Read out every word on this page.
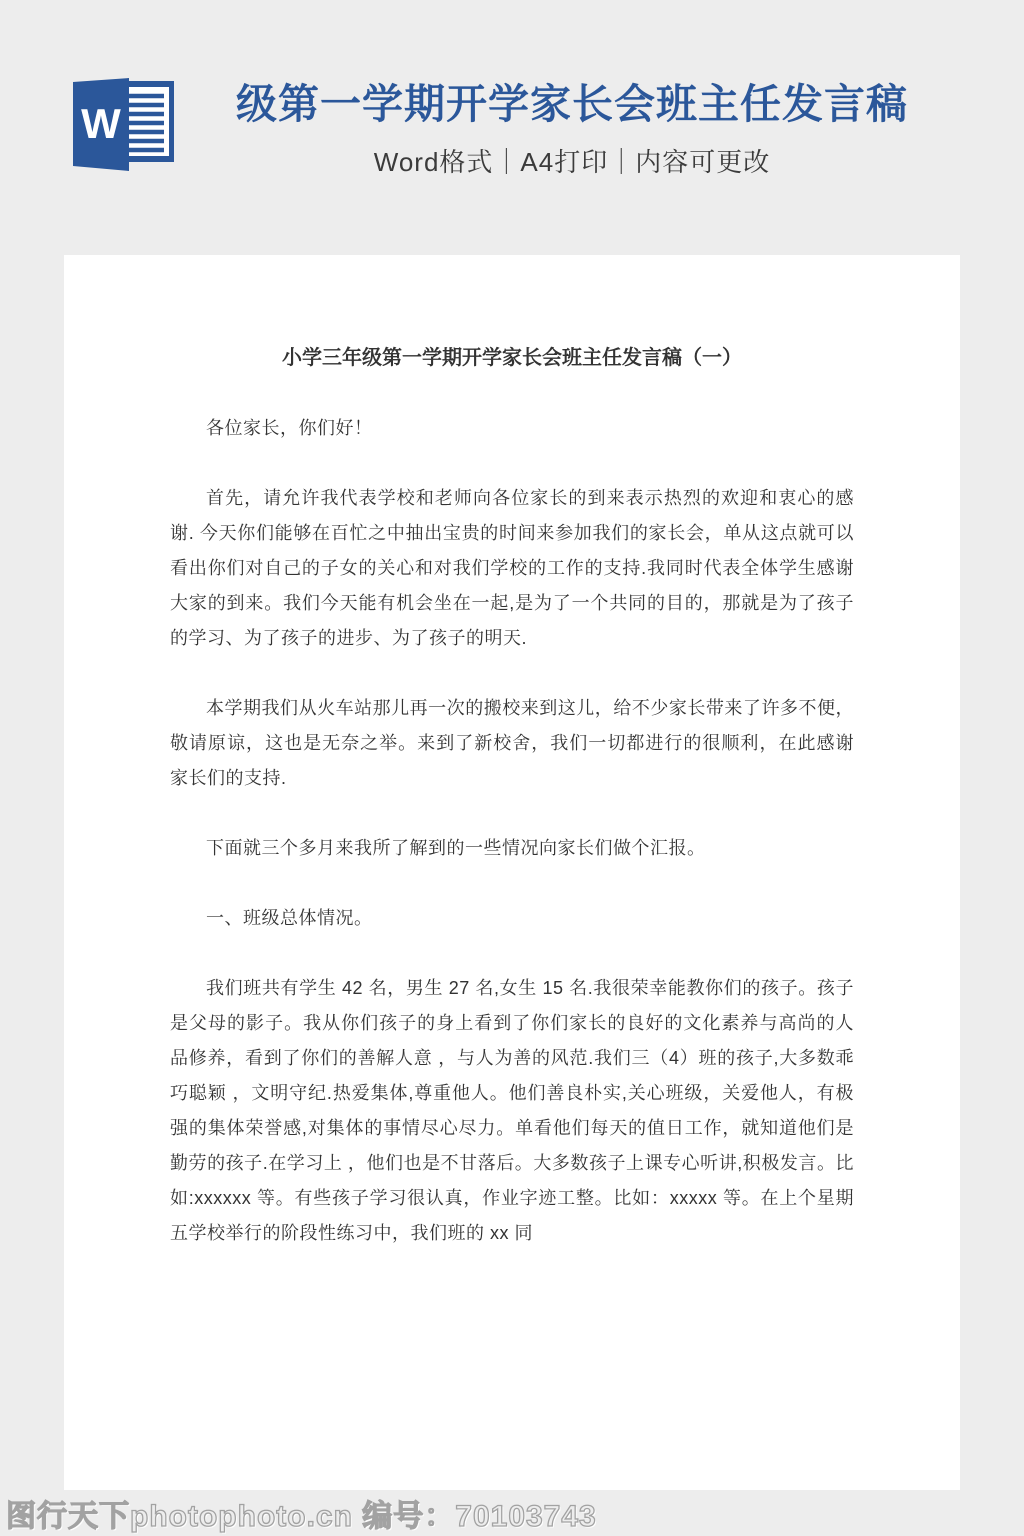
W	级第一学期开学家长会班主任发言稿
Word格式｜A4打印｜内容可更改
小学三年级第一学期开学家长会班主任发言稿（一）

各位家长，你们好！

首先，请允许我代表学校和老师向各位家长的到来表示热烈的欢迎和衷心的感谢. 今天你们能够在百忙之中抽出宝贵的时间来参加我们的家长会，单从这点就可以看出你们对自己的子女的关心和对我们学校的工作的支持.我同时代表全体学生感谢大家的到来。我们今天能有机会坐在一起,是为了一个共同的目的，那就是为了孩子的学习、为了孩子的进步、为了孩子的明天.

本学期我们从火车站那儿再一次的搬校来到这儿，给不少家长带来了许多不便，敬请原谅，这也是无奈之举。来到了新校舍，我们一切都进行的很顺利，在此感谢家长们的支持.

下面就三个多月来我所了解到的一些情况向家长们做个汇报。

一、班级总体情况。

我们班共有学生 42 名，男生 27 名,女生 15 名.我很荣幸能教你们的孩子。孩子是父母的影子。我从你们孩子的身上看到了你们家长的良好的文化素养与高尚的人品修养，看到了你们的善解人意 ，与人为善的风范.我们三（4）班的孩子,大多数乖巧聪颖 ，文明守纪.热爱集体,尊重他人。他们善良朴实,关心班级，关爱他人，有极强的集体荣誉感,对集体的事情尽心尽力。单看他们每天的值日工作，就知道他们是勤劳的孩子.在学习上 ，他们也是不甘落后。大多数孩子上课专心听讲,积极发言。比如:xxxxxx 等。有些孩子学习很认真，作业字迹工整。比如：xxxxx 等。在上个星期五学校举行的阶段性练习中，我们班的 xx 同

图行天下photophoto.cn 编号：70103743
